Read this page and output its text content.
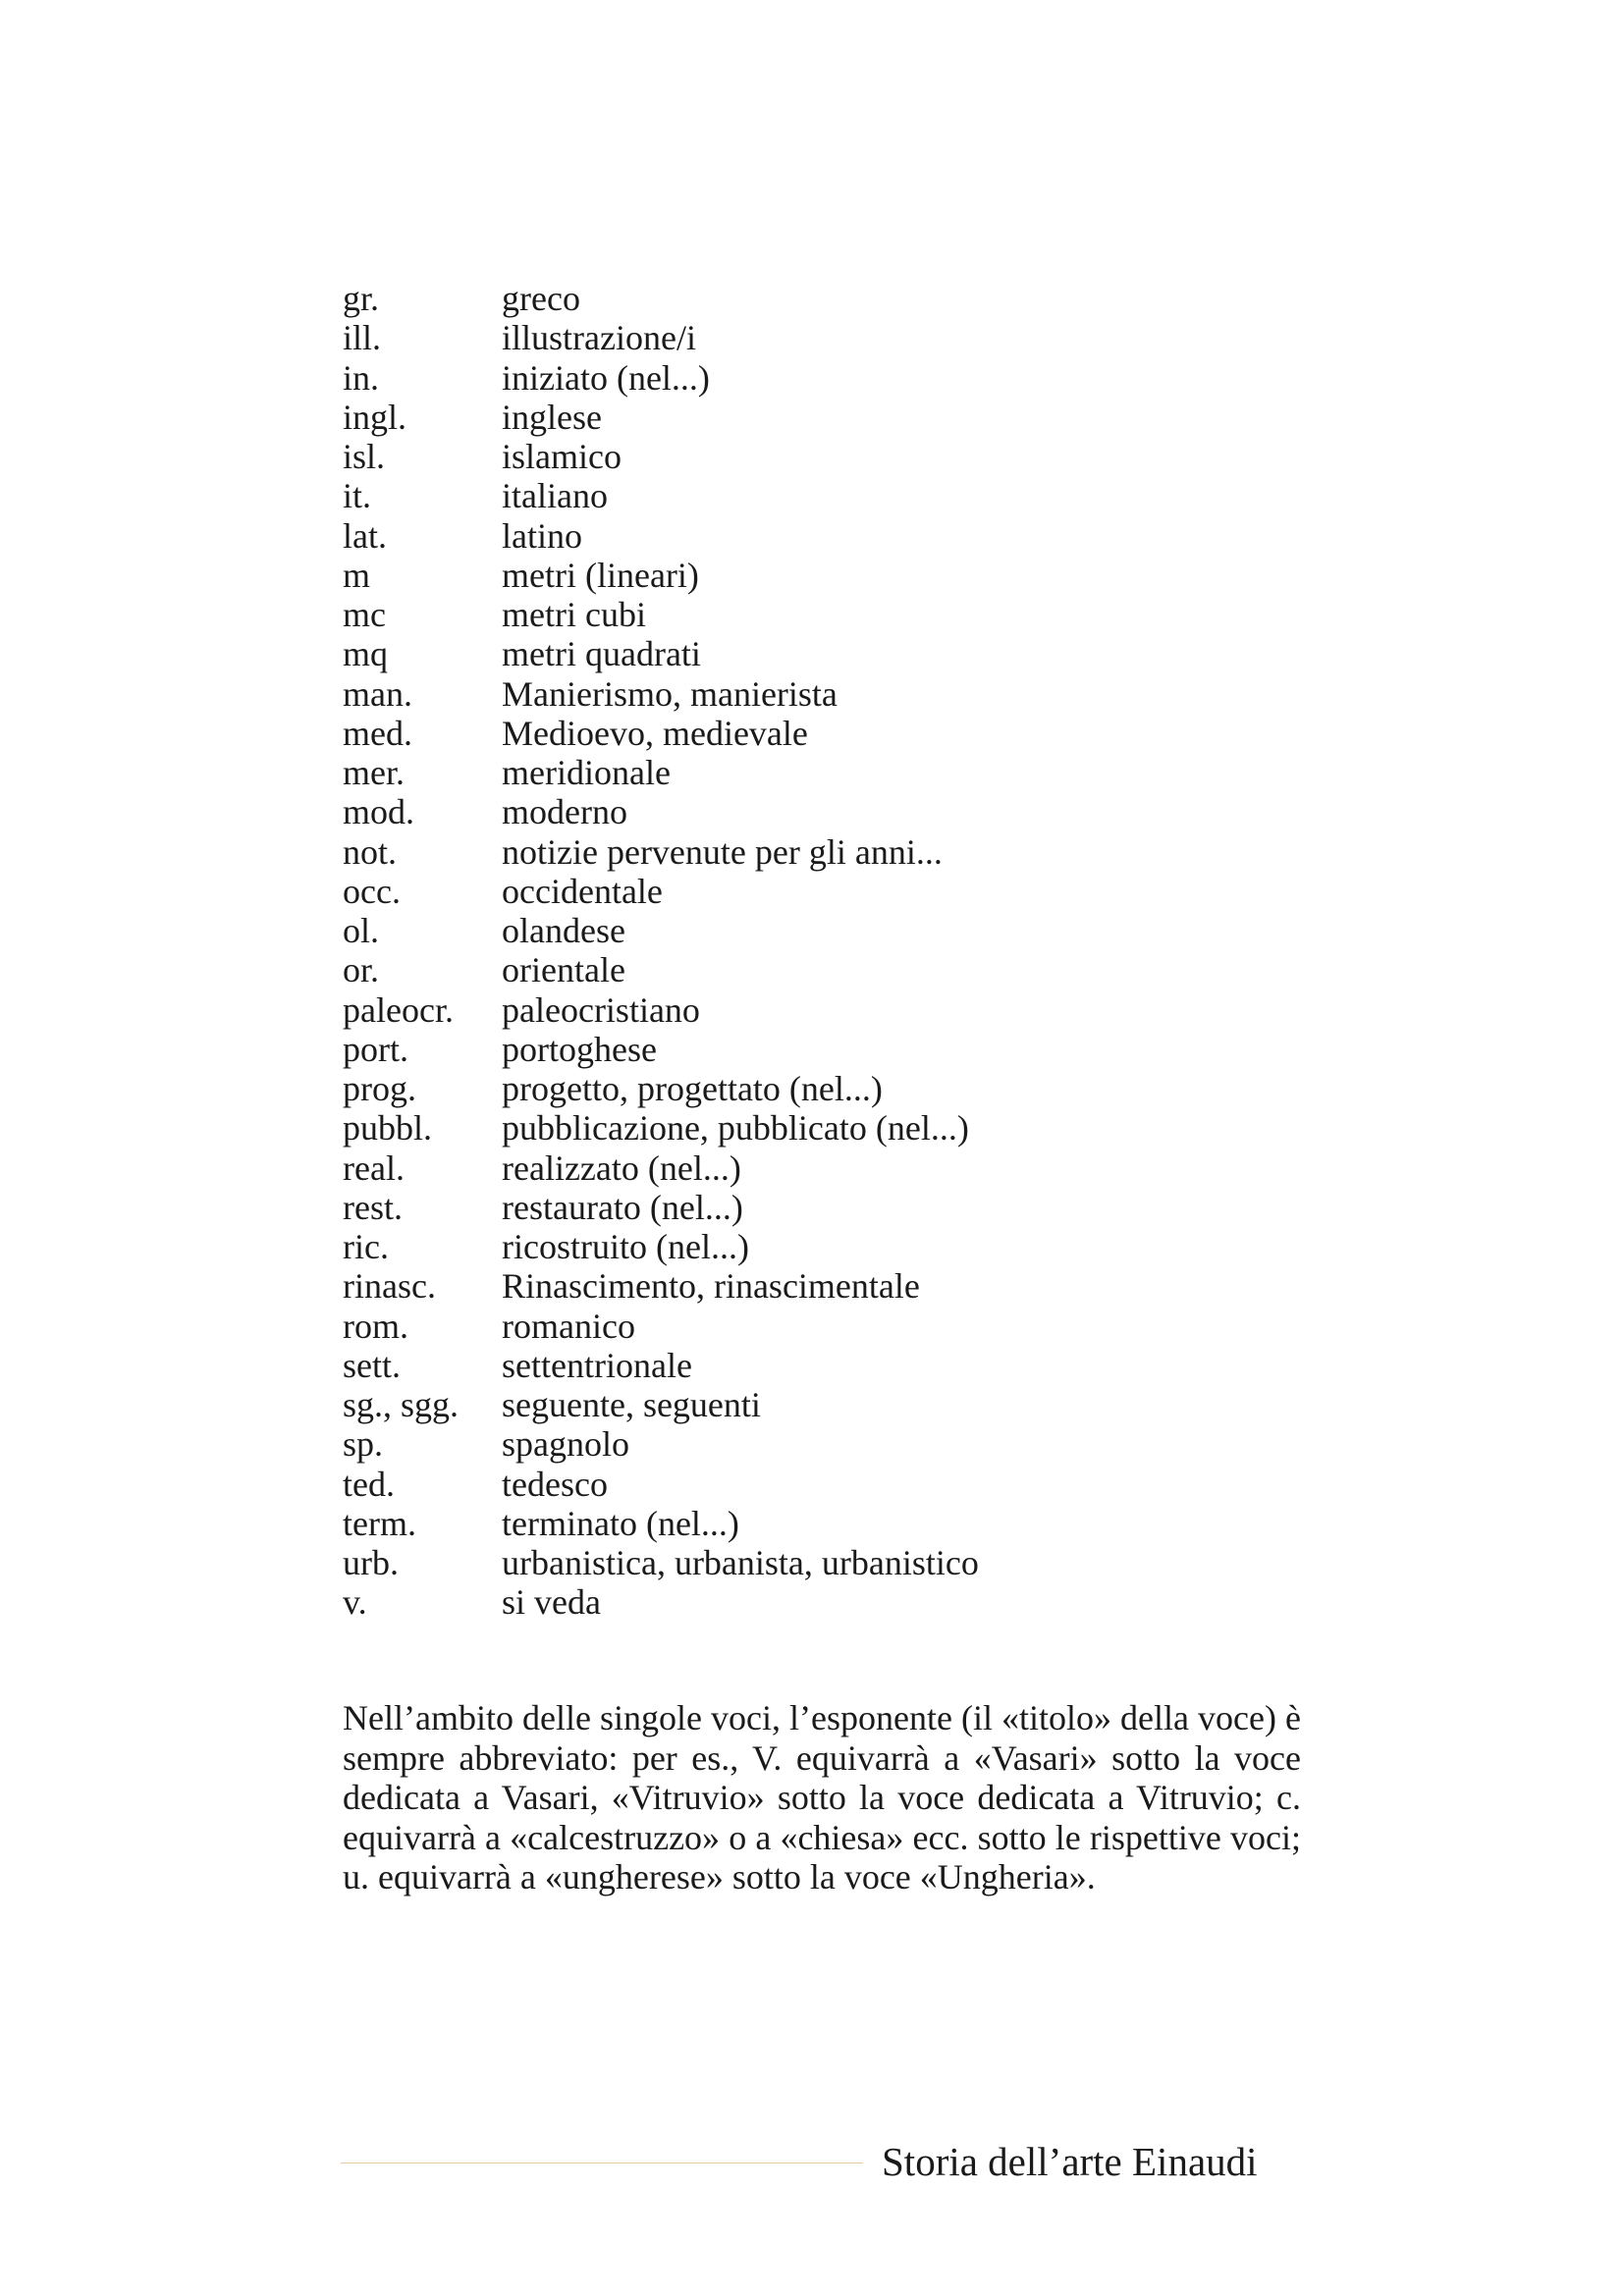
gr.	greco
ill.	illustrazione/i
in.	iniziato (nel...)
ingl.	inglese
isl.	islamico
it.	italiano
lat.	latino
m	metri (lineari)
mc	metri cubi
mq	metri quadrati
man.	Manierismo, manierista
med.	Medioevo, medievale
mer.	meridionale
mod.	moderno
not.	notizie pervenute per gli anni...
occ.	occidentale
ol.	olandese
or.	orientale
paleocr.	paleocristiano
port.	portoghese
prog.	progetto, progettato (nel...)
pubbl.	pubblicazione, pubblicato (nel...)
real.	realizzato (nel...)
rest.	restaurato (nel...)
ric.	ricostruito (nel...)
rinasc.	Rinascimento, rinascimentale
rom.	romanico
sett.	settentrionale
sg., sgg.	seguente, seguenti
sp.	spagnolo
ted.	tedesco
term.	terminato (nel...)
urb.	urbanistica, urbanista, urbanistico
v.	si veda

Nell’ambito delle singole voci, l’esponente (il «titolo» della voce) è sempre abbreviato: per es., V. equivarrà a «Vasari» sotto la voce dedicata a Vasari, «Vitruvio» sotto la voce dedicata a Vitruvio; c. equivarrà a «calcestruzzo» o a «chiesa» ecc. sotto le rispettive voci; u. equivarrà a «ungherese» sotto la voce «Ungheria».

Storia dell’arte Einaudi
